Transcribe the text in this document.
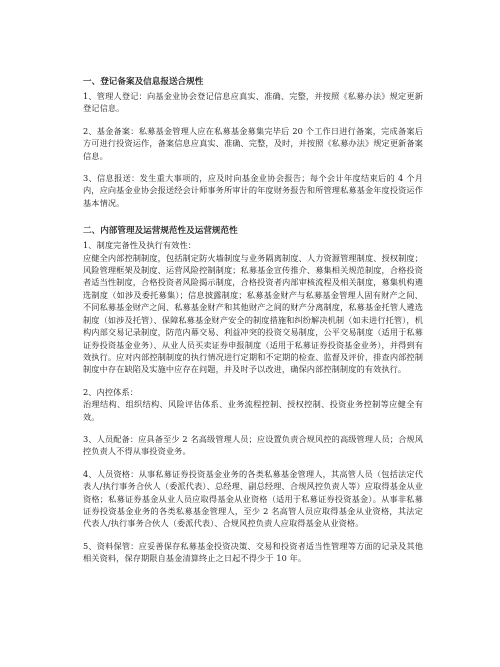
一、登记备案及信息报送合规性

1、管理人登记：向基金业协会登记信息应真实、准确、完整，并按照《私募办法》规定更新登记信息。

2、基金备案：私募基金管理人应在私募基金募集完毕后 20 个工作日进行备案，完成备案后方可进行投资运作，备案信息应真实、准确、完整，及时，并按照《私募办法》规定更新备案信息。

3、信息报送：发生重大事项的，应及时向基金业协会报告；每个会计年度结束后的 4 个月内，应向基金业协会报送经会计师事务所审计的年度财务报告和所管理私募基金年度投资运作基本情况。

二、内部管理及运营规范性及运营规范性

1、制度完备性及执行有效性：

应健全内部控制制度，包括制定防火墙制度与业务隔离制度、人力资源管理制度、授权制度；风险管理框架及制度、运营风险控制制度；私募基金宣传推介、募集相关规范制度，合格投资者适当性制度，合格投资者风险揭示制度，合格投资者内部审核流程及相关制度，募集机构遴选制度（如涉及委托募集）；信息披露制度；私募基金财产与私募基金管理人固有财产之间、不同私募基金财产之间、私募基金财产和其他财产之间的财产分离制度，私募基金托管人遴选制度（如涉及托管）、保障私募基金财产安全的制度措施和纠纷解决机制（如未进行托管），机构内部交易记录制度，防范内幕交易、利益冲突的投资交易制度，公平交易制度（适用于私募证券投资基金业务）、从业人员买卖证券申报制度（适用于私募证券投资基金业务），并得到有效执行。应对内部控制制度的执行情况进行定期和不定期的检查、监督及评价，排查内部控制制度中存在缺陷及实施中应存在问题，并及时予以改进，确保内部控制制度的有效执行。

2、内控体系：

治理结构、组织结构、风险评估体系、业务流程控制、授权控制、投资业务控制等应健全有效。

3、人员配备：应具备至少 2 名高级管理人员；应设置负责合规风控的高级管理人员；合规风控负责人不得从事投资业务。

4、人员资格：从事私募证券投资基金业务的各类私募基金管理人，其高管人员（包括法定代表人/执行事务合伙人（委派代表）、总经理、副总经理、合规风控负责人等）应取得基金从业资格；私募证券基金从业人员应取得基金从业资格（适用于私募证券投资基金）。从事非私募证券投资基金业务的各类私募基金管理人，至少 2 名高管人员应取得基金从业资格，其法定代表人/执行事务合伙人（委派代表）、合规风控负责人应取得基金从业资格。

5、资料保管：应妥善保存私募基金投资决策、交易和投资者适当性管理等方面的记录及其他相关资料，保存期限自基金清算终止之日起不得少于 10 年。
